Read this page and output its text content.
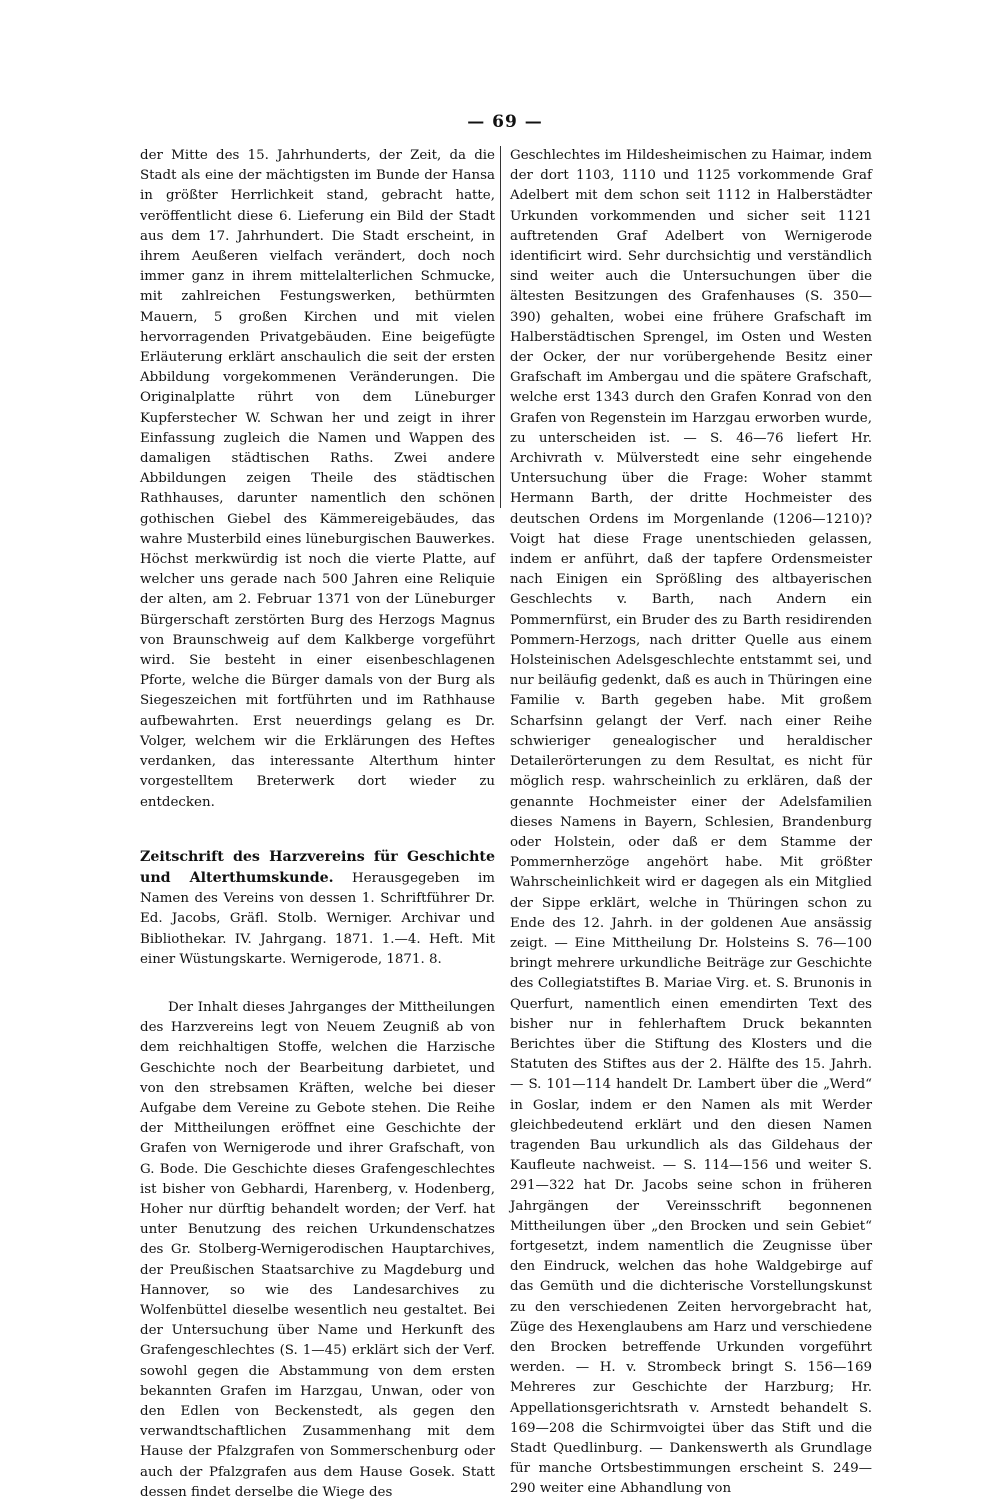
— 69 —

der Mitte des 15. Jahrhunderts, der Zeit, da die Stadt als eine der mächtigsten im Bunde der Hansa in größter Herrlichkeit stand, gebracht hatte, veröffentlicht diese 6. Lieferung ein Bild der Stadt aus dem 17. Jahrhundert. Die Stadt erscheint, in ihrem Aeußeren vielfach verändert, doch noch immer ganz in ihrem mittelalterlichen Schmucke, mit zahlreichen Festungswerken, bethürmten Mauern, 5 großen Kirchen und mit vielen hervorragenden Privatgebäuden. Eine beigefügte Erläuterung erklärt anschaulich die seit der ersten Abbildung vorgekommenen Veränderungen. Die Originalplatte rührt von dem Lüneburger Kupferstecher W. Schwan her und zeigt in ihrer Einfassung zugleich die Namen und Wappen des damaligen städtischen Raths. Zwei andere Abbildungen zeigen Theile des städtischen Rathhauses, darunter namentlich den schönen gothischen Giebel des Kämmereigebäudes, das wahre Musterbild eines lüneburgischen Bauwerkes. Höchst merkwürdig ist noch die vierte Platte, auf welcher uns gerade nach 500 Jahren eine Reliquie der alten, am 2. Februar 1371 von der Lüneburger Bürgerschaft zerstörten Burg des Herzogs Magnus von Braunschweig auf dem Kalkberge vorgeführt wird. Sie besteht in einer eisenbeschlagenen Pforte, welche die Bürger damals von der Burg als Siegeszeichen mit fortführten und im Rathhause aufbewahrten. Erst neuerdings gelang es Dr. Volger, welchem wir die Erklärungen des Heftes verdanken, das interessante Alterthum hinter vorgestelltem Breterwerk dort wieder zu entdecken.

Zeitschrift des Harzvereins für Geschichte und Alterthumskunde. Herausgegeben im Namen des Vereins von dessen 1. Schriftführer Dr. Ed. Jacobs, Gräfl. Stolb. Werniger. Archivar und Bibliothekar. IV. Jahrgang. 1871. 1.—4. Heft. Mit einer Wüstungskarte. Wernigerode, 1871. 8.

Der Inhalt dieses Jahrganges der Mittheilungen des Harzvereins legt von Neuem Zeugniß ab von dem reichhaltigen Stoffe, welchen die Harzische Geschichte noch der Bearbeitung darbietet, und von den strebsamen Kräften, welche bei dieser Aufgabe dem Vereine zu Gebote stehen. Die Reihe der Mittheilungen eröffnet eine Geschichte der Grafen von Wernigerode und ihrer Grafschaft, von G. Bode. Die Geschichte dieses Grafengeschlechtes ist bisher von Gebhardi, Harenberg, v. Hodenberg, Hoher nur dürftig behandelt worden; der Verf. hat unter Benutzung des reichen Urkundenschatzes des Gr. Stolberg-Wernigerodischen Hauptarchives, der Preußischen Staatsarchive zu Magdeburg und Hannover, so wie des Landesarchives zu Wolfenbüttel dieselbe wesentlich neu gestaltet. Bei der Untersuchung über Name und Herkunft des Grafengeschlechtes (S. 1—45) erklärt sich der Verf. sowohl gegen die Abstammung von dem ersten bekannten Grafen im Harzgau, Unwan, oder von den Edlen von Beckenstedt, als gegen den verwandtschaftlichen Zusammenhang mit dem Hause der Pfalzgrafen von Sommerschenburg oder auch der Pfalzgrafen aus dem Hause Gosek. Statt dessen findet derselbe die Wiege des

Geschlechtes im Hildesheimischen zu Haimar, indem der dort 1103, 1110 und 1125 vorkommende Graf Adelbert mit dem schon seit 1112 in Halberstädter Urkunden vorkommenden und sicher seit 1121 auftretenden Graf Adelbert von Wernigerode identificirt wird. Sehr durchsichtig und verständlich sind weiter auch die Untersuchungen über die ältesten Besitzungen des Grafenhauses (S. 350—390) gehalten, wobei eine frühere Grafschaft im Halberstädtischen Sprengel, im Osten und Westen der Ocker, der nur vorübergehende Besitz einer Grafschaft im Ambergau und die spätere Grafschaft, welche erst 1343 durch den Grafen Konrad von den Grafen von Regenstein im Harzgau erworben wurde, zu unterscheiden ist. — S. 46—76 liefert Hr. Archivrath v. Mülverstedt eine sehr eingehende Untersuchung über die Frage: Woher stammt Hermann Barth, der dritte Hochmeister des deutschen Ordens im Morgenlande (1206—1210)? Voigt hat diese Frage unentschieden gelassen, indem er anführt, daß der tapfere Ordensmeister nach Einigen ein Sprößling des altbayerischen Geschlechts v. Barth, nach Andern ein Pommernfürst, ein Bruder des zu Barth residirenden Pommern-Herzogs, nach dritter Quelle aus einem Holsteinischen Adelsgeschlechte entstammt sei, und nur beiläufig gedenkt, daß es auch in Thüringen eine Familie v. Barth gegeben habe. Mit großem Scharfsinn gelangt der Verf. nach einer Reihe schwieriger genealogischer und heraldischer Detailerörterungen zu dem Resultat, es nicht für möglich resp. wahrscheinlich zu erklären, daß der genannte Hochmeister einer der Adelsfamilien dieses Namens in Bayern, Schlesien, Brandenburg oder Holstein, oder daß er dem Stamme der Pommernherzöge angehört habe. Mit größter Wahrscheinlichkeit wird er dagegen als ein Mitglied der Sippe erklärt, welche in Thüringen schon zu Ende des 12. Jahrh. in der goldenen Aue ansässig zeigt. — Eine Mittheilung Dr. Holsteins S. 76—100 bringt mehrere urkundliche Beiträge zur Geschichte des Collegiatstiftes B. Mariae Virg. et. S. Brunonis in Querfurt, namentlich einen emendirten Text des bisher nur in fehlerhaftem Druck bekannten Berichtes über die Stiftung des Klosters und die Statuten des Stiftes aus der 2. Hälfte des 15. Jahrh. — S. 101—114 handelt Dr. Lambert über die „Werd“ in Goslar, indem er den Namen als mit Werder gleichbedeutend erklärt und den diesen Namen tragenden Bau urkundlich als das Gildehaus der Kaufleute nachweist. — S. 114—156 und weiter S. 291—322 hat Dr. Jacobs seine schon in früheren Jahrgängen der Vereinsschrift begonnenen Mittheilungen über „den Brocken und sein Gebiet“ fortgesetzt, indem namentlich die Zeugnisse über den Eindruck, welchen das hohe Waldgebirge auf das Gemüth und die dichterische Vorstellungskunst zu den verschiedenen Zeiten hervorgebracht hat, Züge des Hexenglaubens am Harz und verschiedene den Brocken betreffende Urkunden vorgeführt werden. — H. v. Strombeck bringt S. 156—169 Mehreres zur Geschichte der Harzburg; Hr. Appellationsgerichtsrath v. Arnstedt behandelt S. 169—208 die Schirmvoigtei über das Stift und die Stadt Quedlinburg. — Dankenswerth als Grundlage für manche Ortsbestimmungen erscheint S. 249—290 weiter eine Abhandlung von
